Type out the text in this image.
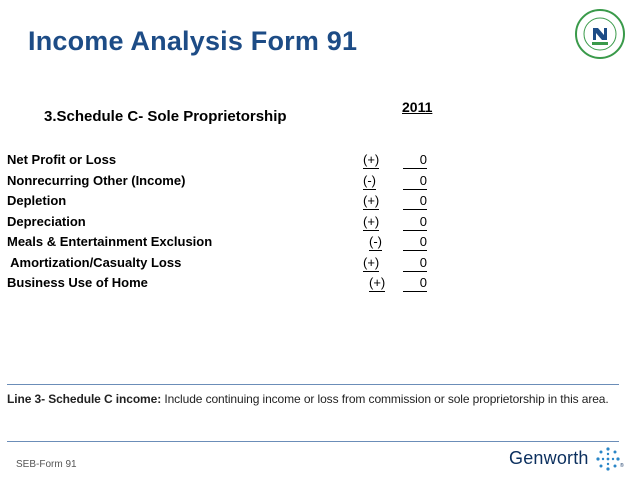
Income Analysis Form 91
3.Schedule C- Sole Proprietorship
2011
Net Profit or Loss	(+)	0
Nonrecurring Other (Income)	(-)	0
Depletion	(+)	0
Depreciation	(+)	0
Meals & Entertainment Exclusion	(-)	0
Amortization/Casualty Loss	(+)	0
Business Use of Home	(+)	0
Line 3- Schedule C income: Include continuing income or loss from commission or sole proprietorship in this area.
SEB-Form 91	Genworth	®
